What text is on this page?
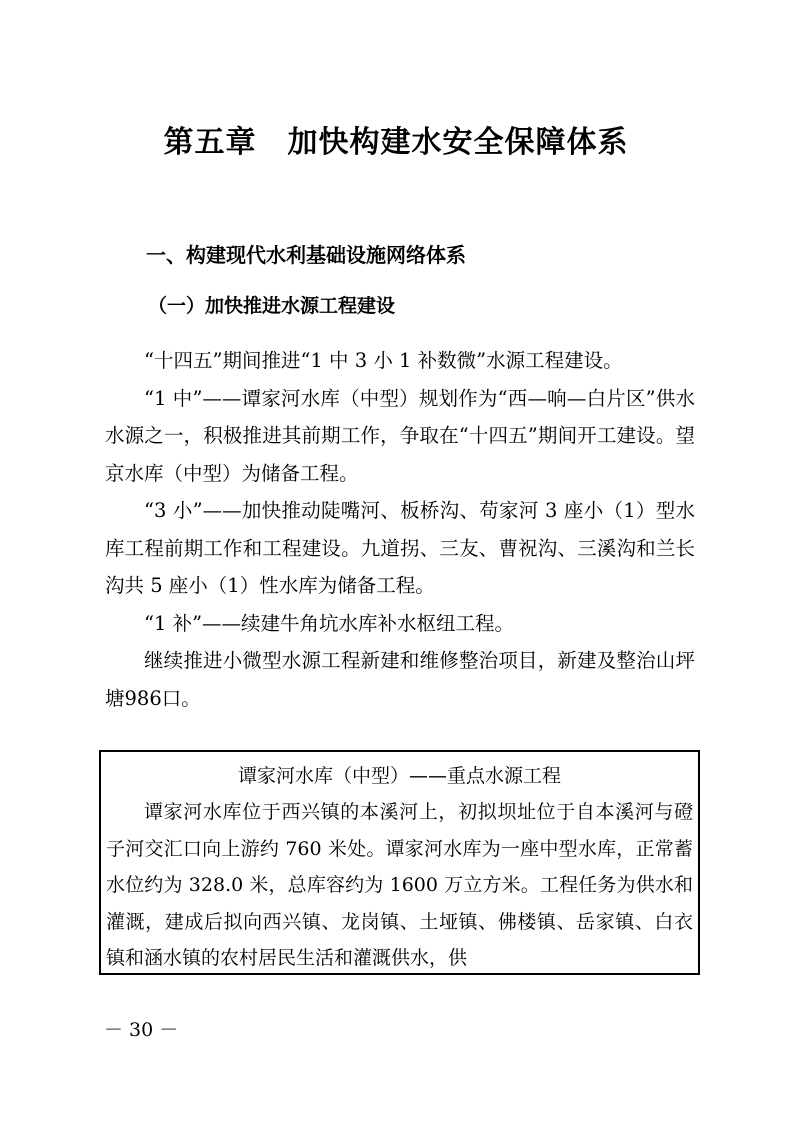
第五章　加快构建水安全保障体系
一、构建现代水利基础设施网络体系
（一）加快推进水源工程建设

“十四五”期间推进“1 中 3 小 1 补数微”水源工程建设。

“1 中”——谭家河水库（中型）规划作为“西—响—白片区”供水水源之一，积极推进其前期工作，争取在“十四五”期间开工建设。望京水库（中型）为储备工程。

“3 小”——加快推动陡嘴河、板桥沟、苟家河 3 座小（1）型水库工程前期工作和工程建设。九道拐、三友、曹祝沟、三溪沟和兰长沟共 5 座小（1）性水库为储备工程。

“1 补”——续建牛角坑水库补水枢纽工程。

继续推进小微型水源工程新建和维修整治项目，新建及整治山坪塘986口。

谭家河水库（中型）——重点水源工程

谭家河水库位于西兴镇的本溪河上，初拟坝址位于自本溪河与磴子河交汇口向上游约 760 米处。谭家河水库为一座中型水库，正常蓄水位约为 328.0 米，总库容约为 1600 万立方米。工程任务为供水和灌溉，建成后拟向西兴镇、龙岗镇、土垭镇、佛楼镇、岳家镇、白衣镇和涵水镇的农村居民生活和灌溉供水，供

－ 30 －
